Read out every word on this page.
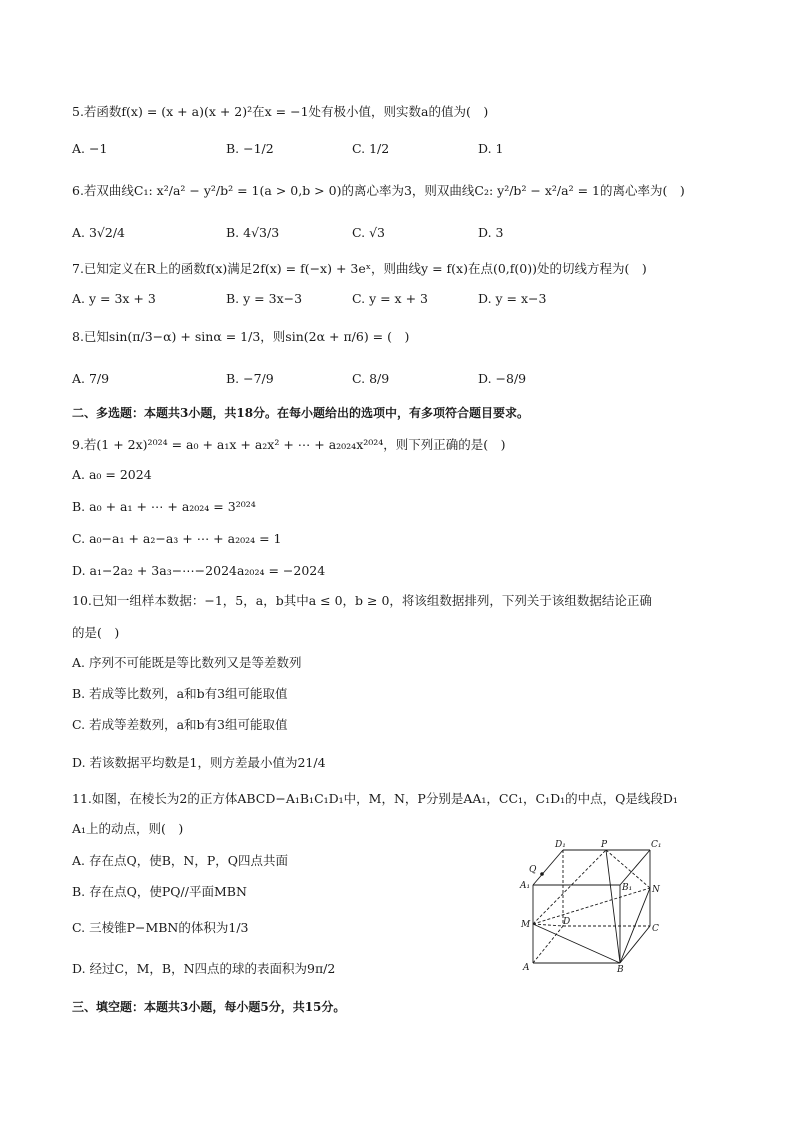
5.若函数f(x) = (x + a)(x + 2)²在x = −1处有极小值，则实数a的值为(　)
A. −1	B. −1/2	C. 1/2	D. 1
6.若双曲线C₁: x²/a² − y²/b² = 1(a > 0,b > 0)的离心率为3，则双曲线C₂: y²/b² − x²/a² = 1的离心率为(　)
A. 3√2/4	B. 4√3/3	C. √3	D. 3
7.已知定义在R上的函数f(x)满足2f(x) = f(−x) + 3eˣ，则曲线y = f(x)在点(0,f(0))处的切线方程为(　)
A. y = 3x + 3	B. y = 3x−3	C. y = x + 3	D. y = x−3
8.已知sin(π/3−α) + sinα = 1/3，则sin(2α + π/6) = (　)
A. 7/9	B. −7/9	C. 8/9	D. −8/9
二、多选题：本题共3小题，共18分。在每小题给出的选项中，有多项符合题目要求。
9.若(1 + 2x)²⁰²⁴ = a₀ + a₁x + a₂x² + ⋯ + a₂₀₂₄x²⁰²⁴，则下列正确的是(　)
A. a₀ = 2024
B. a₀ + a₁ + ⋯ + a₂₀₂₄ = 3²⁰²⁴
C. a₀−a₁ + a₂−a₃ + ⋯ + a₂₀₂₄ = 1
D. a₁−2a₂ + 3a₃−⋯−2024a₂₀₂₄ = −2024
10.已知一组样本数据：−1，5，a，b其中a ≤ 0，b ≥ 0，将该组数据排列，下列关于该组数据结论正确
的是(　)
A. 序列不可能既是等比数列又是等差数列
B. 若成等比数列，a和b有3组可能取值
C. 若成等差数列，a和b有3组可能取值
D. 若该数据平均数是1，则方差最小值为21/4
11.如图，在棱长为2的正方体ABCD−A₁B₁C₁D₁中，M，N，P分别是AA₁，CC₁，C₁D₁的中点，Q是线段D₁
A₁上的动点，则(　)
A. 存在点Q，使B，N，P，Q四点共面
B. 存在点Q，使PQ//平面MBN
C. 三棱锥P−MBN的体积为1/3
D. 经过C，M，B，N四点的球的表面积为9π/2
D₁	P	C₁
Q
A₁	B₁ N
M	D
C
A	B
三、填空题：本题共3小题，每小题5分，共15分。
